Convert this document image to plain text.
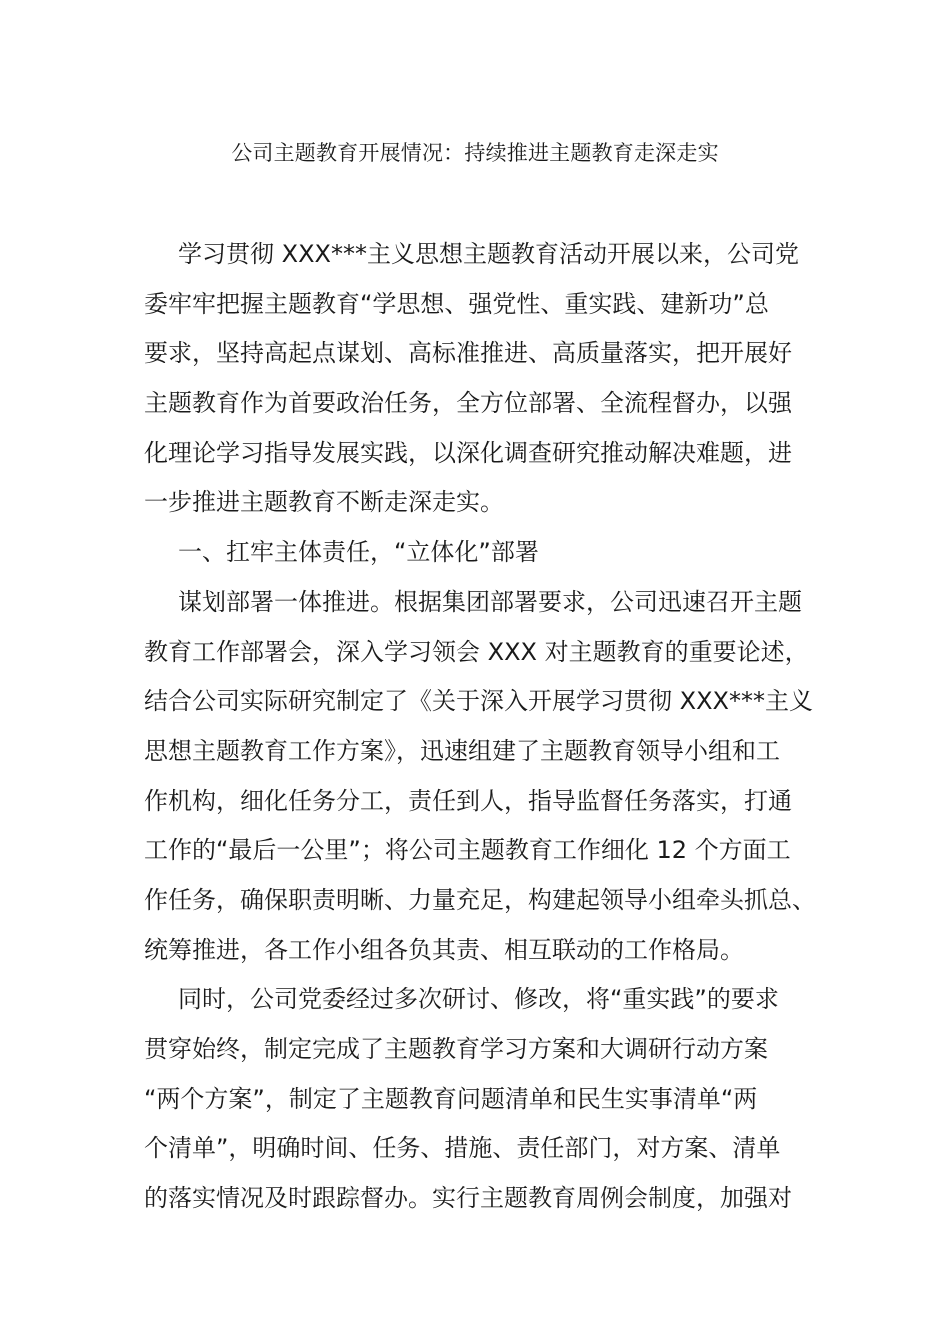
公司主题教育开展情况：持续推进主题教育走深走实
学习贯彻 XXX***主义思想主题教育活动开展以来，公司党
委牢牢把握主题教育“学思想、强党性、重实践、建新功”总
要求，坚持高起点谋划、高标准推进、高质量落实，把开展好
主题教育作为首要政治任务，全方位部署、全流程督办，以强
化理论学习指导发展实践，以深化调查研究推动解决难题，进
一步推进主题教育不断走深走实。
一、扛牢主体责任，“立体化”部署
谋划部署一体推进。根据集团部署要求，公司迅速召开主题
教育工作部署会，深入学习领会 XXX 对主题教育的重要论述，
结合公司实际研究制定了《关于深入开展学习贯彻 XXX***主义
思想主题教育工作方案》，迅速组建了主题教育领导小组和工
作机构，细化任务分工，责任到人，指导监督任务落实，打通
工作的“最后一公里”；将公司主题教育工作细化 12 个方面工
作任务，确保职责明晰、力量充足，构建起领导小组牵头抓总、
统筹推进，各工作小组各负其责、相互联动的工作格局。
同时，公司党委经过多次研讨、修改，将“重实践”的要求
贯穿始终，制定完成了主题教育学习方案和大调研行动方案
“两个方案”，制定了主题教育问题清单和民生实事清单“两
个清单”，明确时间、任务、措施、责任部门，对方案、清单
的落实情况及时跟踪督办。实行主题教育周例会制度，加强对
